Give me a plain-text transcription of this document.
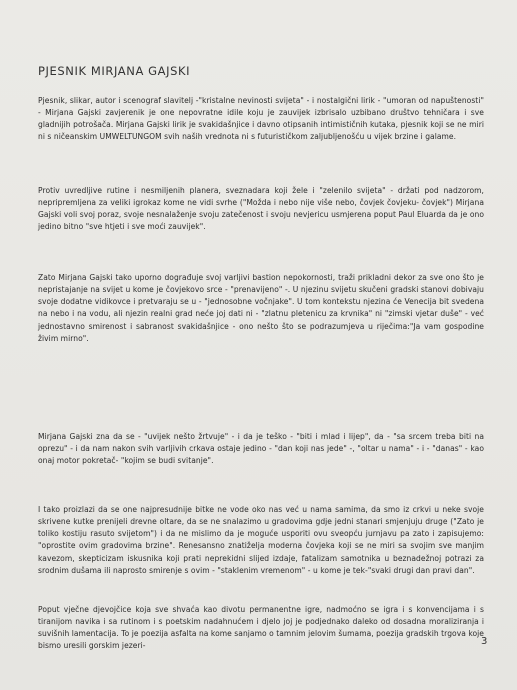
PJESNIK MIRJANA GAJSKI
Pjesnik, slikar, autor i scenograf slavitelj -"kristalne nevinosti svijeta" - i nostalgični lirik - "umoran od napuštenosti" - Mirjana Gajski zavjerenik je one nepovratne idile koju je zauvijek izbrisalo uzbibano društvo tehničara i sve gladnijih potrošača. Mirjana Gajski lirik je svakidašnjice i davno otipsanih intimističnih kutaka, pjesnik koji se ne miri ni s ničeanskim UMWELTUNGOM svih naših vrednota ni s futurističkom zaljubljenošću u vijek brzine i galame.
Protiv uvredljive rutine i nesmiljenih planera, sveznadara koji žele i "zelenilo svijeta" - držati pod nadzorom, nepripremljena za veliki igrokaz kome ne vidi svrhe ("Možda i nebo nije više nebo, čovjek čovjeku- čovjek") Mirjana Gajski voli svoj poraz, svoje nesnalaženje svoju zatečenost i svoju nevjericu usmjerena poput Paul Eluarda da je ono jedino bitno "sve htjeti i sve moći zauvijek".
Zato Mirjana Gajski tako uporno dograđuje svoj varljivi bastion nepokornosti, traži prikladni dekor za sve ono što je nepristajanje na svijet u kome je čovjekovo srce - "prenavijeno" -. U njezinu svijetu skučeni gradski stanovi dobivaju svoje dodatne vidikovce i pretvaraju se u - "jednosobne vočnjake". U tom kontekstu njezina će Venecija bit svedena na nebo i na vodu, ali njezin realni grad neće joj dati ni - "zlatnu pletenicu za krvnika" ni "zimski vjetar duše" - već jednostavno smirenost i sabranost svakidašnjice - ono nešto što se podrazumjeva u riječima:"Ja vam gospodine živim mirno".
Mirjana Gajski zna da se - "uvijek nešto žrtvuje" - i da je teško - "biti i mlad i lijep", da - "sa srcem treba biti na oprezu" - i da nam nakon svih varljivih crkava ostaje jedino - "dan koji nas jede" -, "oltar u nama" - i - "danas" - kao onaj motor pokretač- "kojim se budi svitanje".
I tako proizlazi da se one najpresudnije bitke ne vode oko nas već u nama samima, da smo iz crkvi u neke svoje skrivene kutke prenijeli drevne oltare, da se ne snalazimo u gradovima gdje jedni stanari smjenjuju druge ("Zato je toliko kostiju rasuto svijetom") i da ne mislimo da je moguće usporiti ovu sveopću jurnjavu pa zato i zapisujemo: "oprostite ovim gradovima brzine". Renesansno znatiželja moderna čovjeka koji se ne miri sa svojim sve manjim kavezom, skepticizam iskusnika koji prati neprekidni slijed izdaje, fatalizam samotnika u beznadežnoj potrazi za srodnim dušama ili naprosto smirenje s ovim - "staklenim vremenom" - u kome je tek-"svaki drugi dan pravi dan".
Poput vječne djevojčice koja sve shvaća kao divotu permanentne igre, nadmoćno se igra i s konvencijama i s tiranijom navika i sa rutinom i s poetskim nadahnućem i djelo joj je podjednako daleko od dosadna moraliziranja i suvišnih lamentacija. To je poezija asfalta na kome sanjamo o tamnim jelovim šumama, poezija gradskih trgova koje bismo uresili gorskim jezeri-	3
